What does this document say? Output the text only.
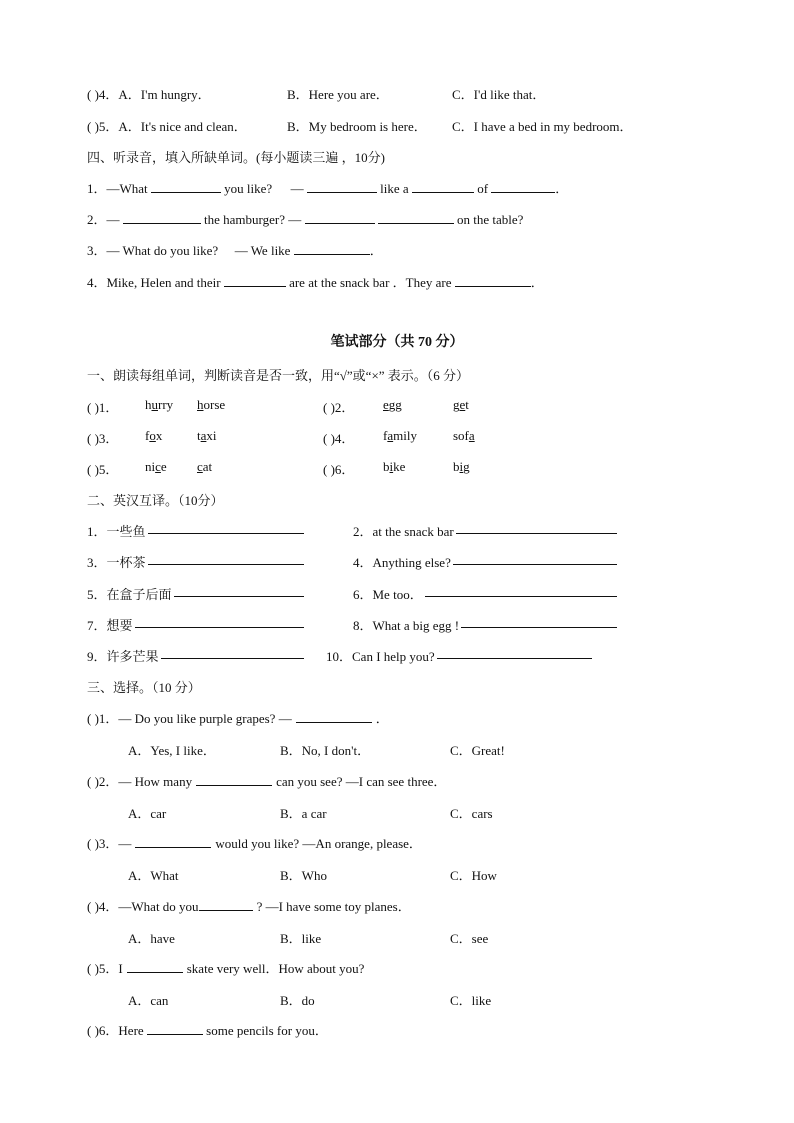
( )4．A．I'm hungry．	B．Here you are．	C．I'd like that．
( )5．A．It's nice and clean．	B．My bedroom is here． C．I have a bed in my bedroom．
四、听录音，填入所缺单词。(每小题读三遍 ，10分)
1．—What	you like? —	like a	of	．
2．—	the hamburger? —	on the table?
3．— What do you like? — We like	．
4．Mike, Helen and their	are at the snack bar ．They are	．
笔试部分（共 70 分）
一、朗读每组单词，判断读音是否一致，用“√”或“×” 表示。（6 分）
( )1． hurry horse	( )2． egg	get
( )3． fox	taxi	( )4． family	sofa
( )5． nice cat	( )6． bike	big
二、英汉互译。（10分）
1．一些鱼	2．at the snack bar
3．一杯茶	4．Anything else?
5．在盒子后面	6．Me too．
7．想要	8．What a big egg !
9．许多芒果	10．Can I help you?
三、选择。（10 分）
( )1．— Do you like purple grapes? —	．
A．Yes, I like．	B．No, I don't．	C．Great!
( )2．— How many	can you see? —I can see three．
A．car	B．a car	C．cars
( )3．—	would you like? —An orange, please．
A．What	B．Who	C．How
( )4．—What do you	? —I have some toy planes．
A．have	B．like	C．see
( )5．I	skate very well．How about you?
A．can	B．do	C．like
( )6．Here	some pencils for you．
